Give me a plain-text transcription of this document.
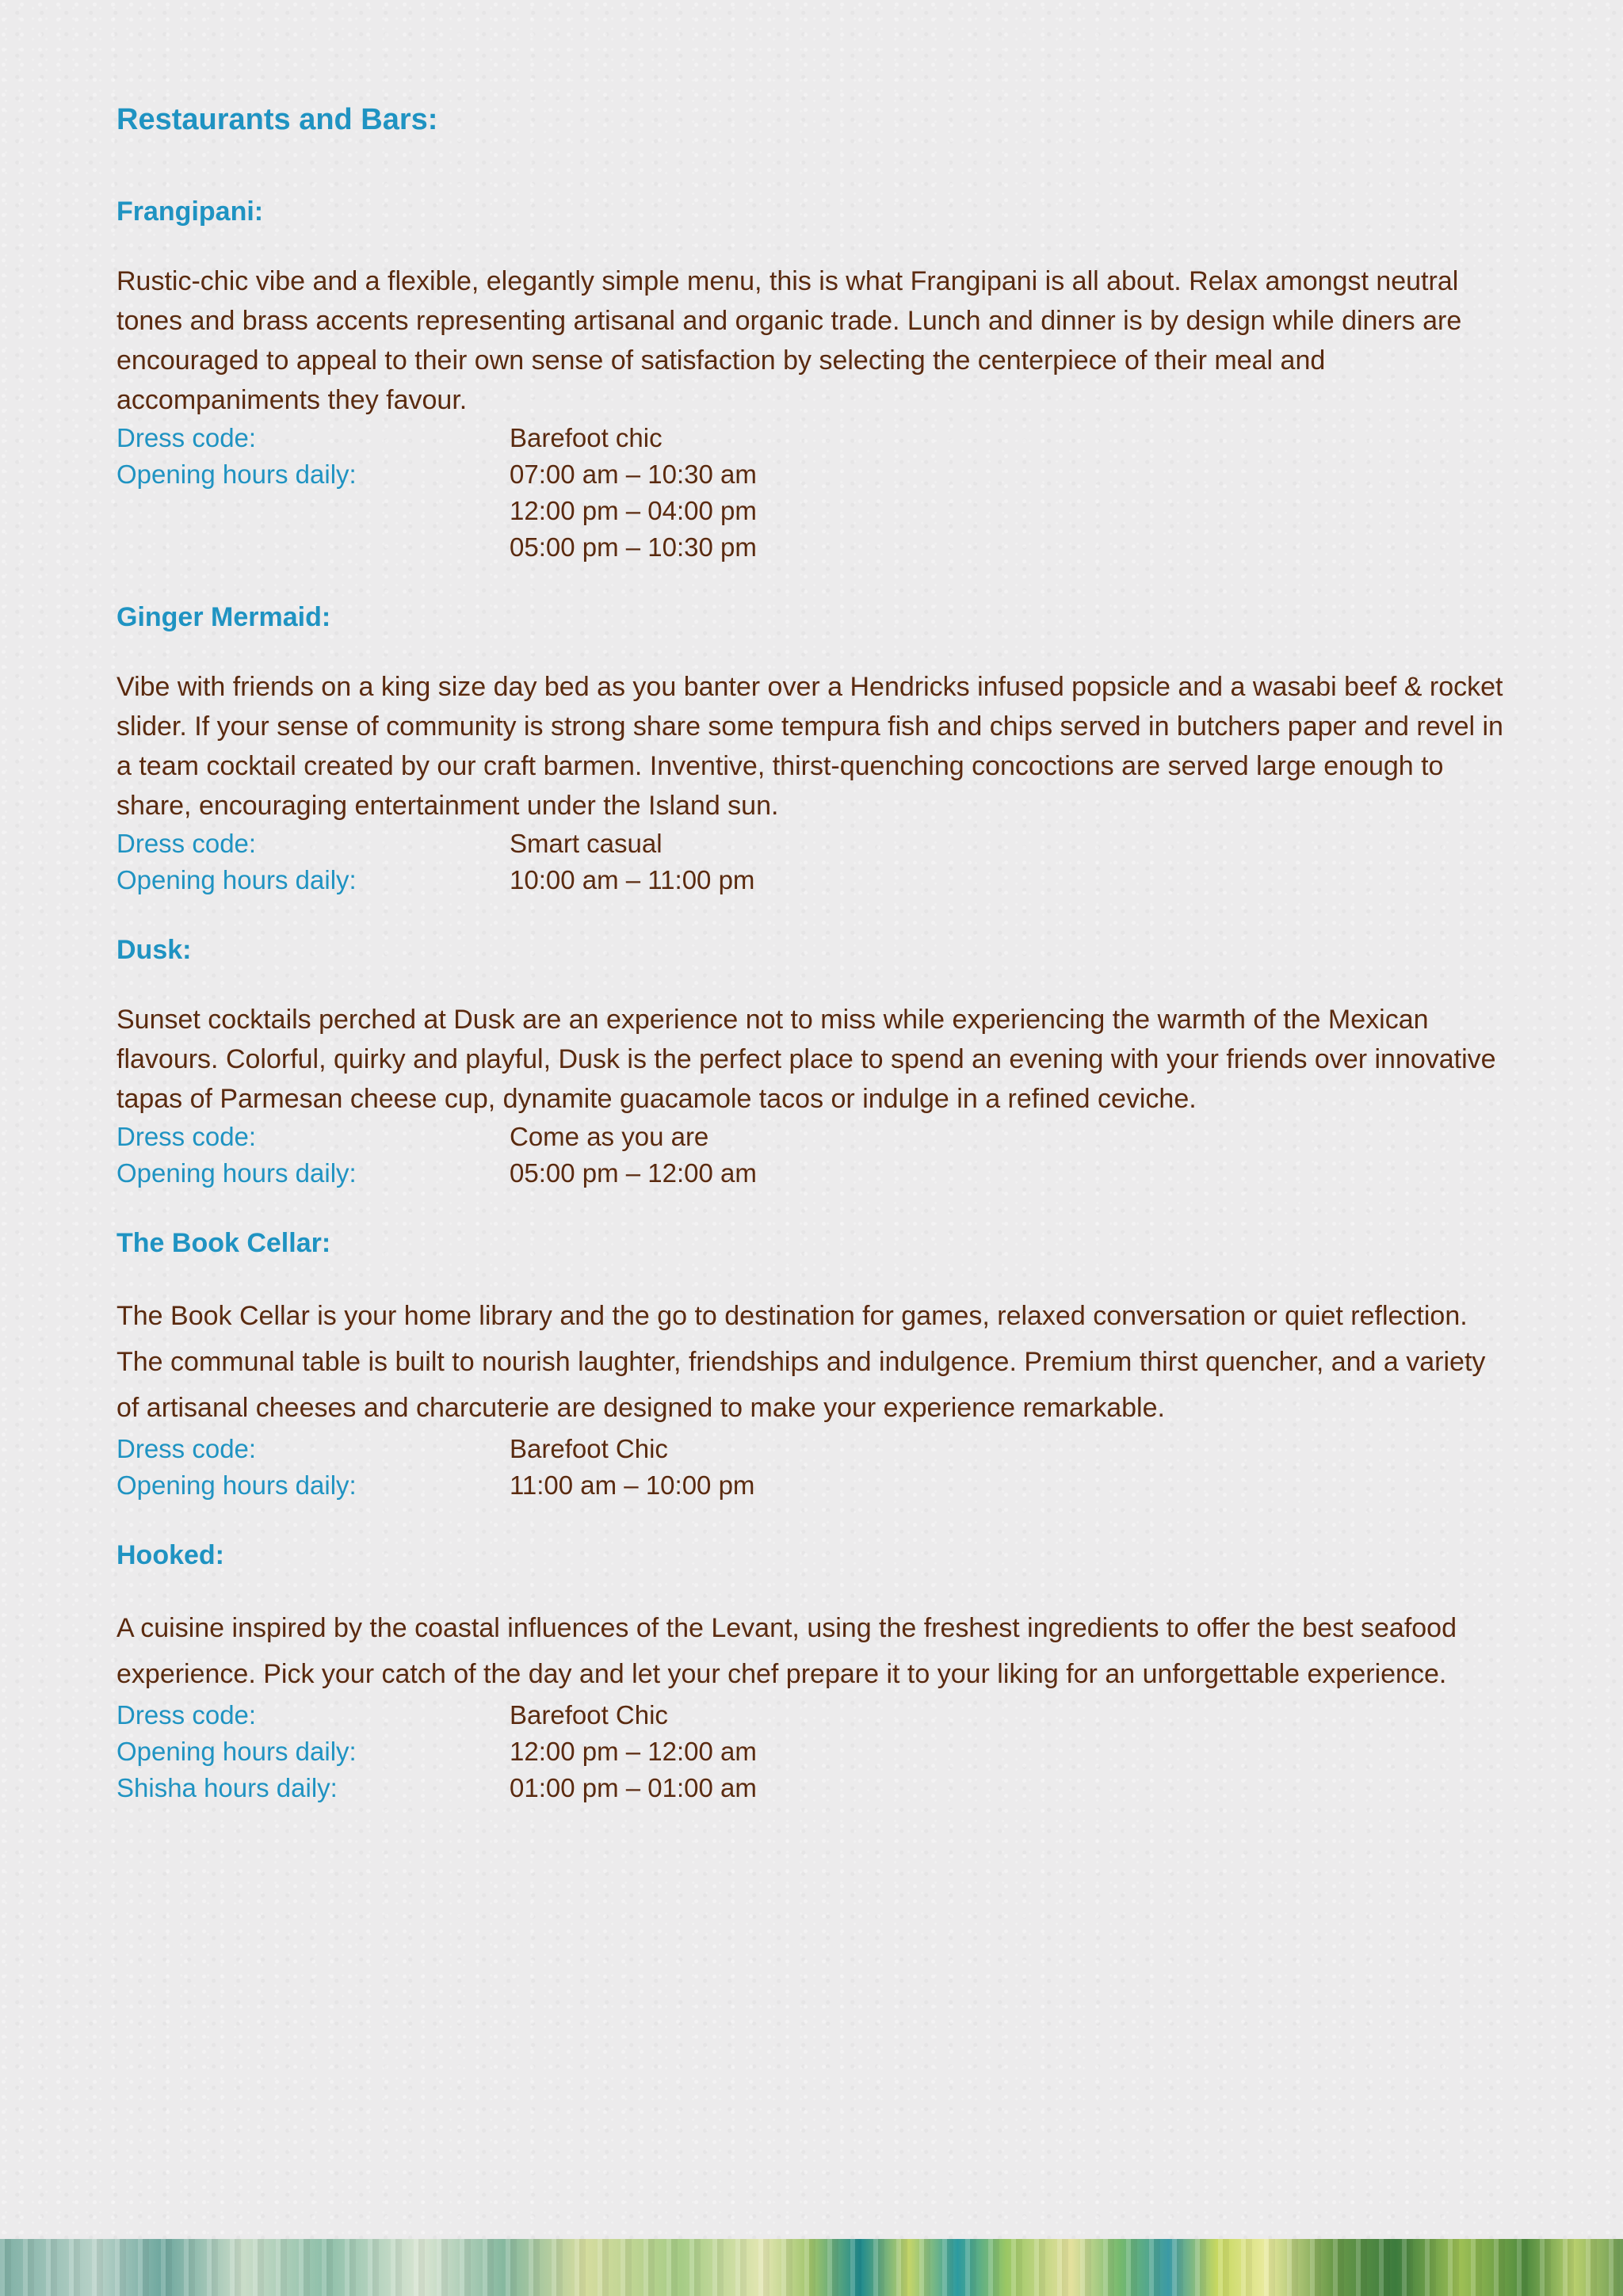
Restaurants and Bars:
Frangipani:

Rustic-chic vibe and a flexible, elegantly simple menu, this is what Frangipani is all about. Relax amongst neutral tones and brass accents representing artisanal and organic trade. Lunch and dinner is by design while diners are encouraged to appeal to their own sense of satisfaction by selecting the centerpiece of their meal and accompaniments they favour.

Dress code:	Barefoot chic
Opening hours daily:	07:00 am – 10:30 am
12:00 pm – 04:00 pm
05:00 pm – 10:30 pm
Ginger Mermaid:

Vibe with friends on a king size day bed as you banter over a Hendricks infused popsicle and a wasabi beef & rocket slider. If your sense of community is strong share some tempura fish and chips served in butchers paper and revel in a team cocktail created by our craft barmen. Inventive, thirst-quenching concoctions are served large enough to share, encouraging entertainment under the Island sun.

Dress code:	Smart casual
Opening hours daily:	10:00 am – 11:00 pm
Dusk:

Sunset cocktails perched at Dusk are an experience not to miss while experiencing the warmth of the Mexican flavours. Colorful, quirky and playful, Dusk is the perfect place to spend an evening with your friends over innovative tapas of Parmesan cheese cup, dynamite guacamole tacos or indulge in a refined ceviche.

Dress code:	Come as you are
Opening hours daily:	05:00 pm – 12:00 am
The Book Cellar:

The Book Cellar is your home library and the go to destination for games, relaxed conversation or quiet reflection. The communal table is built to nourish laughter, friendships and indulgence. Premium thirst quencher, and a variety of artisanal cheeses and charcuterie are designed to make your experience remarkable.

Dress code:	Barefoot Chic
Opening hours daily:	11:00 am – 10:00 pm
Hooked:

A cuisine inspired by the coastal influences of the Levant, using the freshest ingredients to offer the best seafood experience. Pick your catch of the day and let your chef prepare it to your liking for an unforgettable experience.

Dress code:	Barefoot Chic
Opening hours daily:	12:00 pm – 12:00 am
Shisha hours daily:	01:00 pm – 01:00 am
